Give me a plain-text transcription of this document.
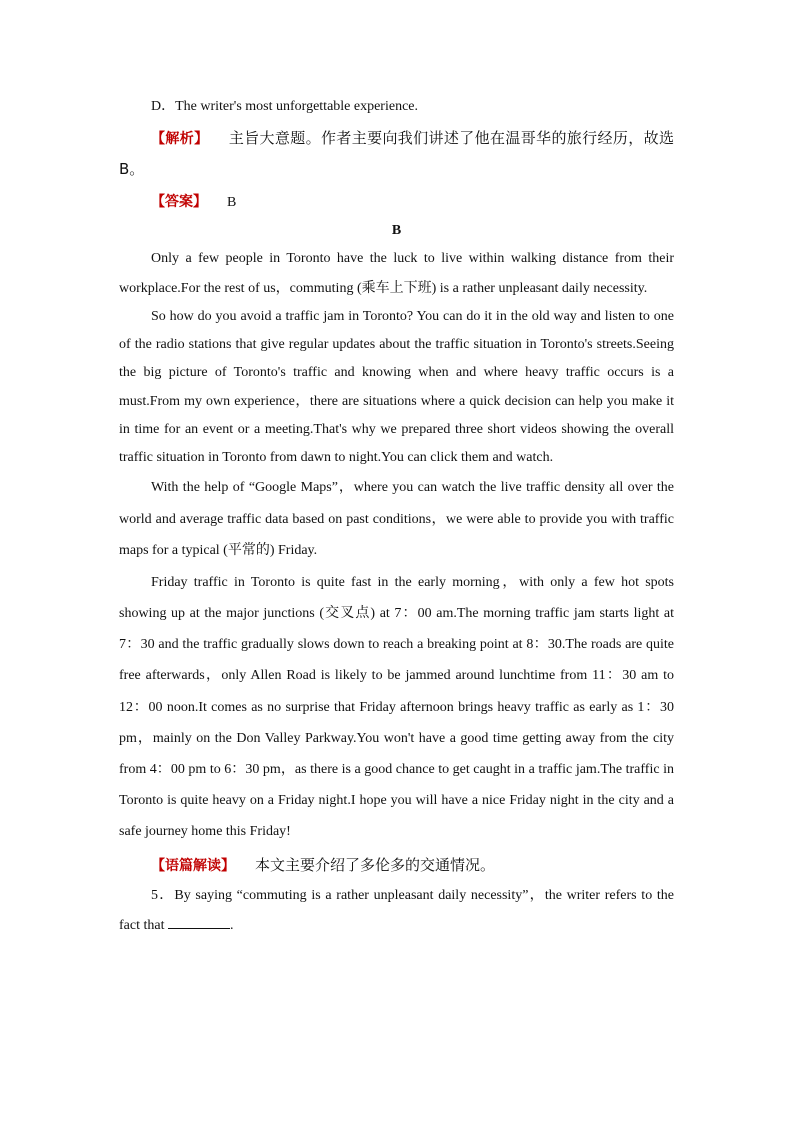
D．The writer's most unforgettable experience.

【解析】 主旨大意题。作者主要向我们讲述了他在温哥华的旅行经历，故选B。

【答案】 B

B

Only a few people in Toronto have the luck to live within walking distance from their workplace.For the rest of us，commuting (乘车上下班) is a rather unpleasant daily necessity.

So how do you avoid a traffic jam in Toronto? You can do it in the old way and listen to one of the radio stations that give regular updates about the traffic situation in Toronto's streets.Seeing the big picture of Toronto's traffic and knowing when and where heavy traffic occurs is a must.From my own experience，there are situations where a quick decision can help you make it in time for an event or a meeting.That's why we prepared three short videos showing the overall traffic situation in Toronto from dawn to night.You can click them and watch.

With the help of “Google Maps”，where you can watch the live traffic density all over the world and average traffic data based on past conditions，we were able to provide you with traffic maps for a typical (平常的) Friday.

Friday traffic in Toronto is quite fast in the early morning，with only a few hot spots showing up at the major junctions (交叉点) at 7：00 am.The morning traffic jam starts light at 7：30 and the traffic gradually slows down to reach a breaking point at 8：30.The roads are quite free afterwards，only Allen Road is likely to be jammed around lunchtime from 11：30 am to 12：00 noon.It comes as no surprise that Friday afternoon brings heavy traffic as early as 1：30 pm，mainly on the Don Valley Parkway.You won't have a good time getting away from the city from 4：00 pm to 6：30 pm，as there is a good chance to get caught in a traffic jam.The traffic in Toronto is quite heavy on a Friday night.I hope you will have a nice Friday night in the city and a safe journey home this Friday!

【语篇解读】 本文主要介绍了多伦多的交通情况。

5．By saying “commuting is a rather unpleasant daily necessity”，the writer refers to the fact that	.
